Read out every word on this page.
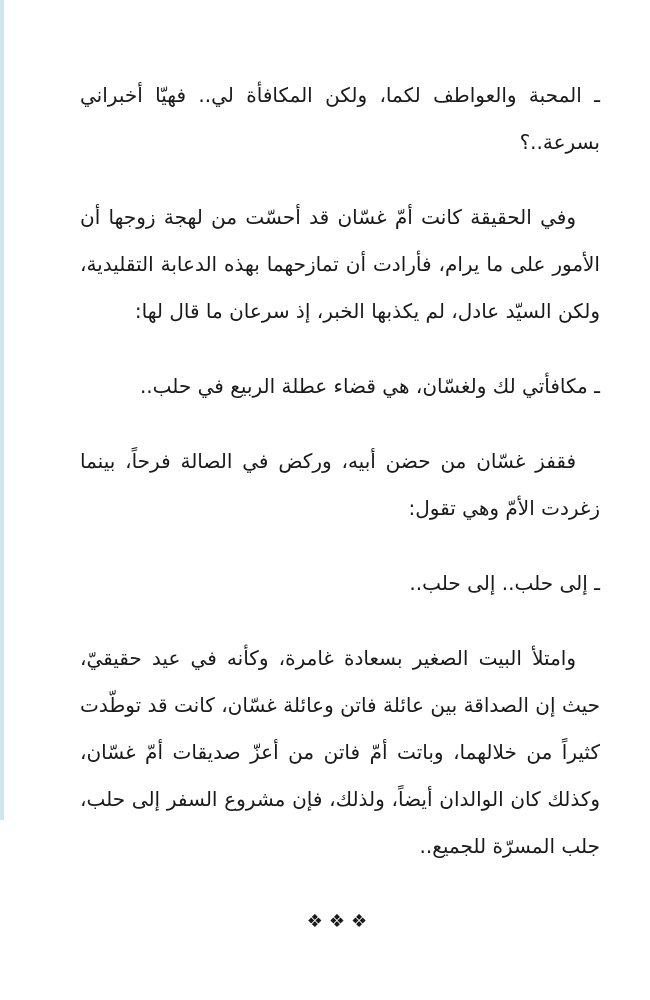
ـ المحبة والعواطف لكما، ولكن المكافأة لي.. فهيّا أخبراني بسرعة..؟

وفي الحقيقة كانت أمّ غسّان قد أحسّت من لهجة زوجها أن الأمور على ما يرام، فأرادت أن تمازحهما بهذه الدعابة التقليدية، ولكن السيّد عادل، لم يكذبها الخبر، إذ سرعان ما قال لها:

ـ مكافأتي لك ولغسّان، هي قضاء عطلة الربيع في حلب..

فقفز غسّان من حضن أبيه، وركض في الصالة فرحاً، بينما زغردت الأمّ وهي تقول:

ـ إلى حلب.. إلى حلب..

وامتلأ البيت الصغير بسعادة غامرة، وكأنه في عيد حقيقيّ، حيث إن الصداقة بين عائلة فاتن وعائلة غسّان، كانت قد توطّدت كثيراً من خلالهما، وباتت أمّ فاتن من أعزّ صديقات أمّ غسّان، وكذلك كان الوالدان أيضاً، ولذلك، فإن مشروع السفر إلى حلب، جلب المسرّة للجميع..

❖❖❖
